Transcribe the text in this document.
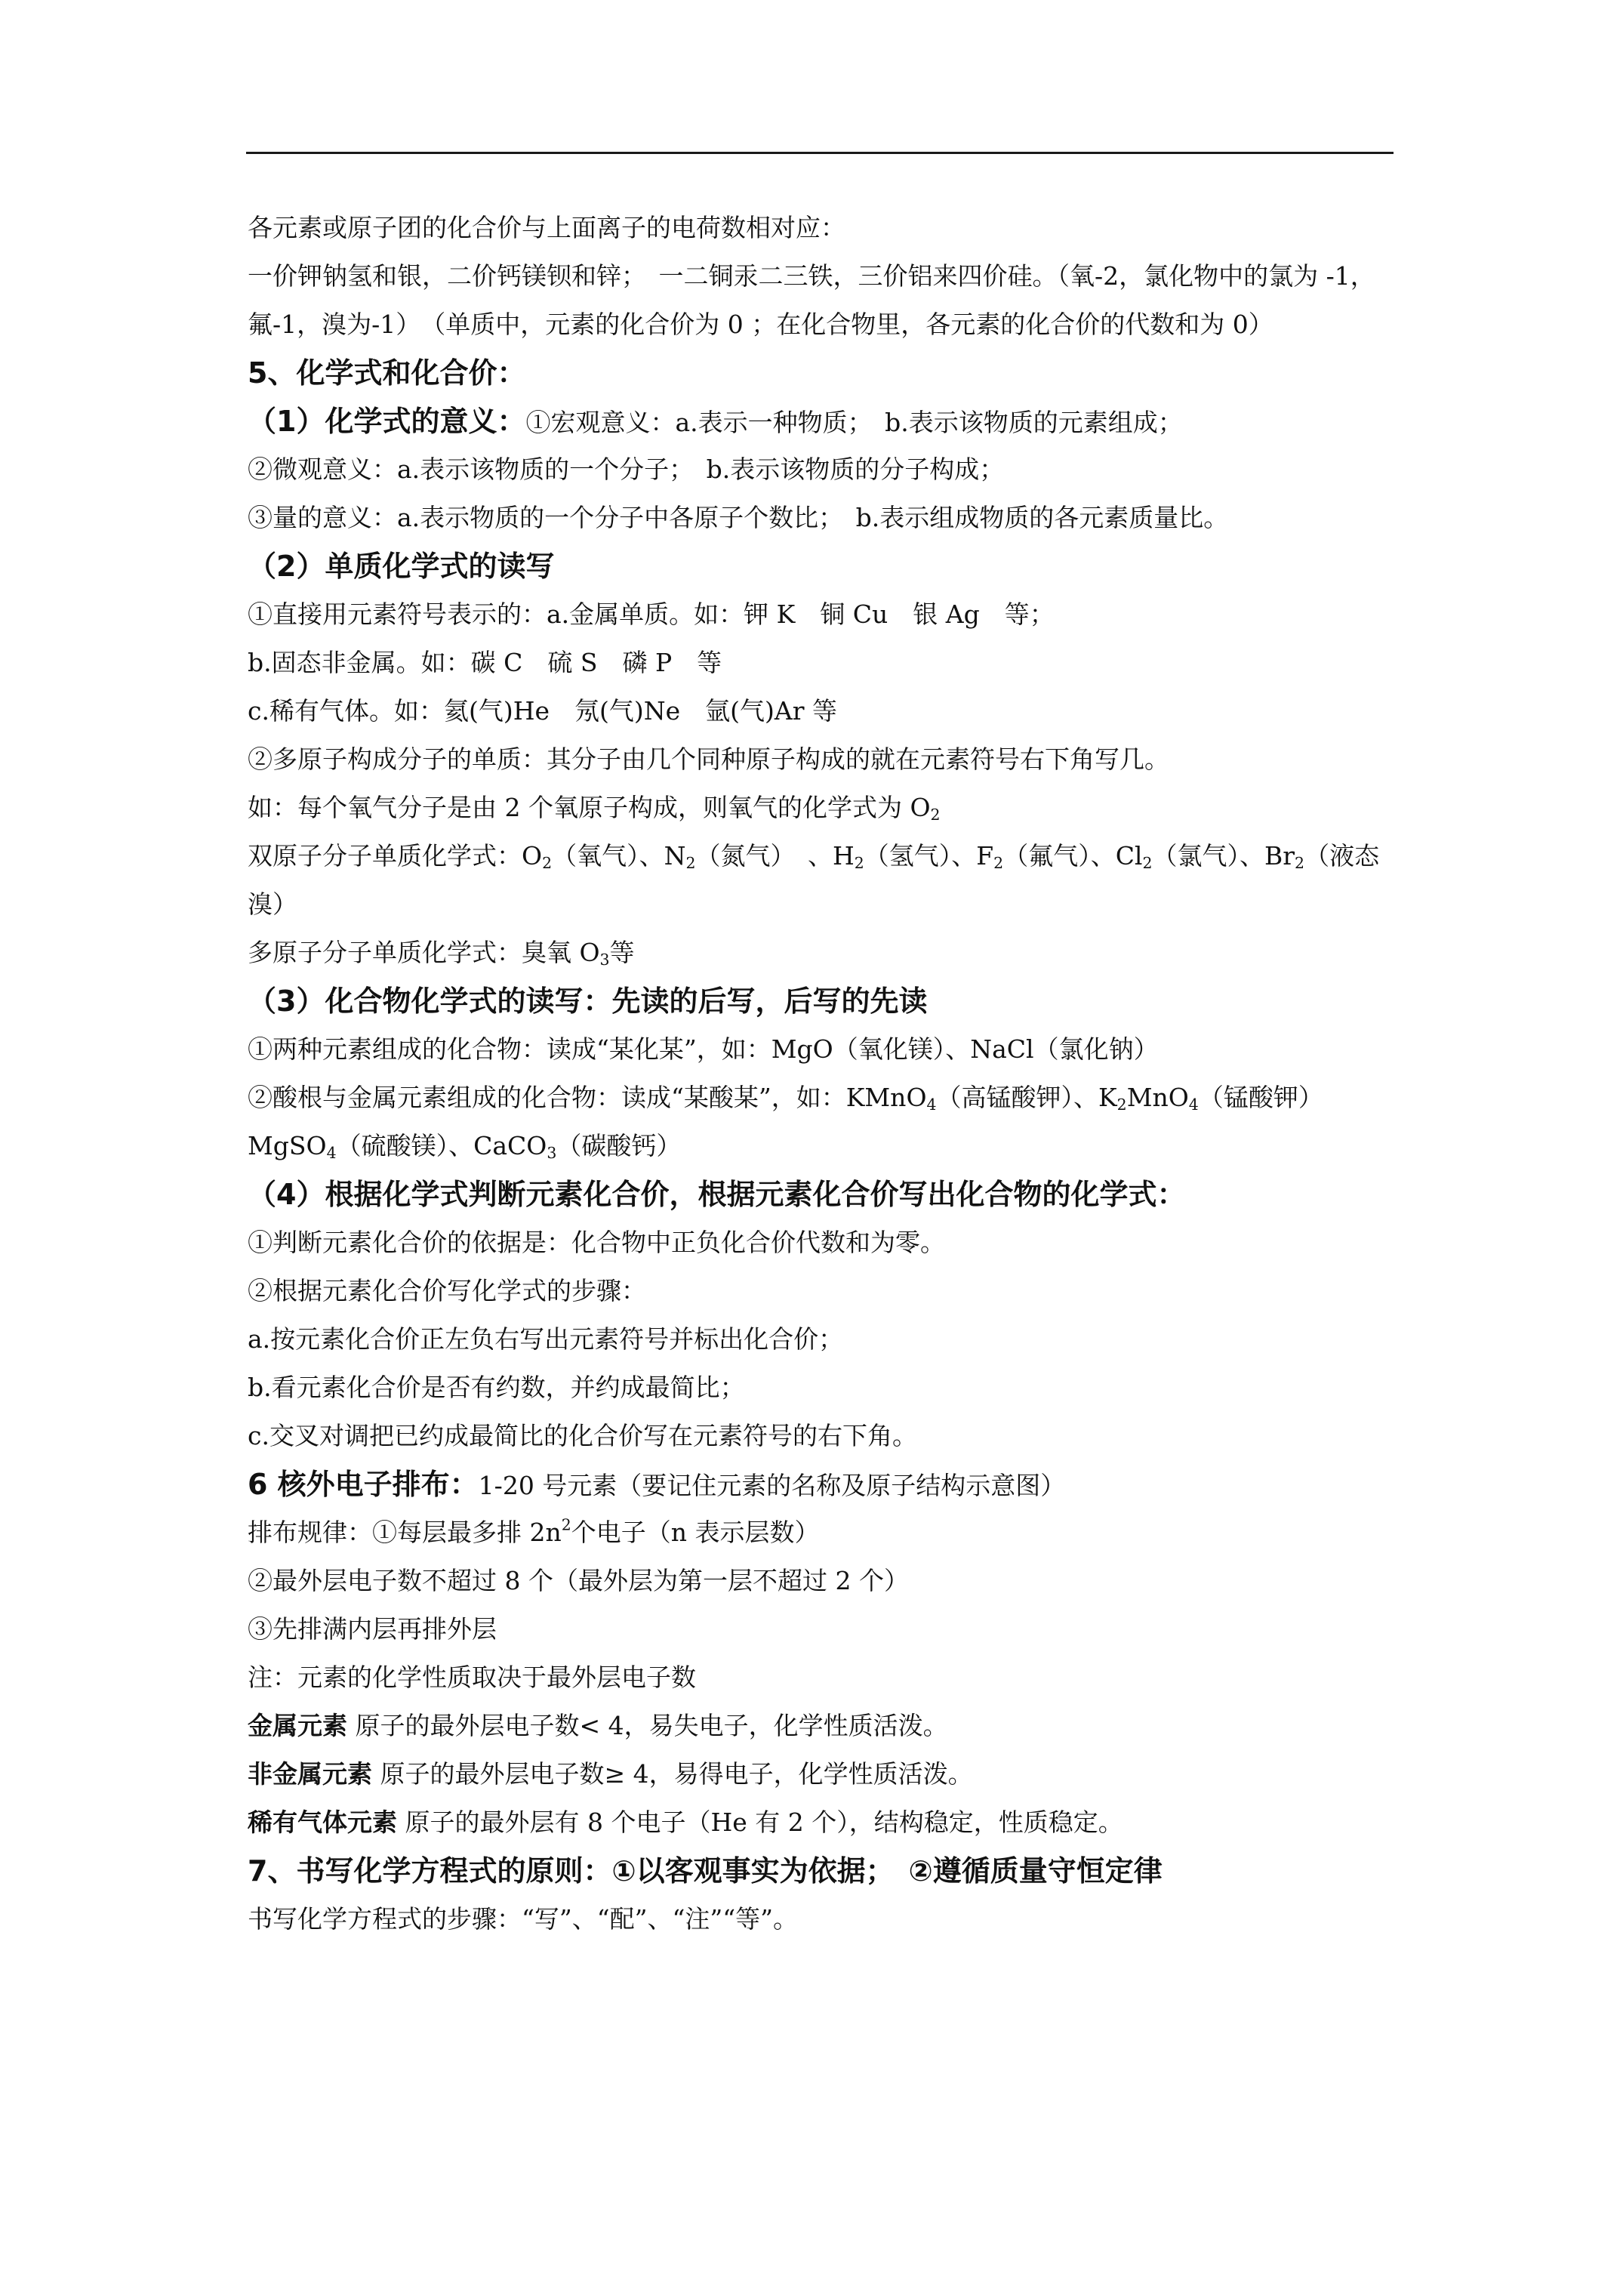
各元素或原子团的化合价与上面离子的电荷数相对应：
一价钾钠氢和银，二价钙镁钡和锌；　一二铜汞二三铁，三价铝来四价硅。（氧-2，氯化物中的氯为 -1，氟-1，溴为-1）　（单质中，元素的化合价为 0 ；在化合物里，各元素的化合价的代数和为 0）
5、化学式和化合价：
（1）化学式的意义：①宏观意义：a.表示一种物质；　b.表示该物质的元素组成；
②微观意义：a.表示该物质的一个分子；　b.表示该物质的分子构成；
③量的意义：a.表示物质的一个分子中各原子个数比；　b.表示组成物质的各元素质量比。
（2）单质化学式的读写
①直接用元素符号表示的：a.金属单质。如：钾 K　铜 Cu　银 Ag　等；
b.固态非金属。如：碳 C　硫 S　磷 P　等
c.稀有气体。如：氦(气)He　氖(气)Ne　氩(气)Ar 等
②多原子构成分子的单质：其分子由几个同种原子构成的就在元素符号右下角写几。
如：每个氧气分子是由 2 个氧原子构成，则氧气的化学式为 $O_2$
双原子分子单质化学式：$O_2$（氧气）、$N_2$（氮气）　、$H_2$（氢气）、$F_2$（氟气）、$Cl_2$（氯气）、$Br_2$（液态溴）
多原子分子单质化学式：臭氧 $O_3$等
（3）化合物化学式的读写：先读的后写，后写的先读
①两种元素组成的化合物：读成“某化某”，如：MgO（氧化镁）、NaCl（氯化钠）
②酸根与金属元素组成的化合物：读成“某酸某”，如：KMnO$_4$（高锰酸钾）、$K_2MnO_4$（锰酸钾）
MgSO$_4$（硫酸镁）、CaCO$_3$（碳酸钙）
（4）根据化学式判断元素化合价，根据元素化合价写出化合物的化学式：
①判断元素化合价的依据是：化合物中正负化合价代数和为零。
②根据元素化合价写化学式的步骤：
a.按元素化合价正左负右写出元素符号并标出化合价；
b.看元素化合价是否有约数，并约成最简比；
c.交叉对调把已约成最简比的化合价写在元素符号的右下角。
6 核外电子排布：1-20 号元素（要记住元素的名称及原子结构示意图）
排布规律：①每层最多排 $2n^2$个电子（n 表示层数）
②最外层电子数不超过 8 个（最外层为第一层不超过 2 个）
③先排满内层再排外层
注：元素的化学性质取决于最外层电子数
金属元素 原子的最外层电子数< 4，易失电子，化学性质活泼。
非金属元素 原子的最外层电子数≥ 4，易得电子，化学性质活泼。
稀有气体元素 原子的最外层有 8 个电子（He 有 2 个），结构稳定，性质稳定。
7、书写化学方程式的原则：①以客观事实为依据；　②遵循质量守恒定律
书写化学方程式的步骤：“写”、“配”、“注”“等”。
